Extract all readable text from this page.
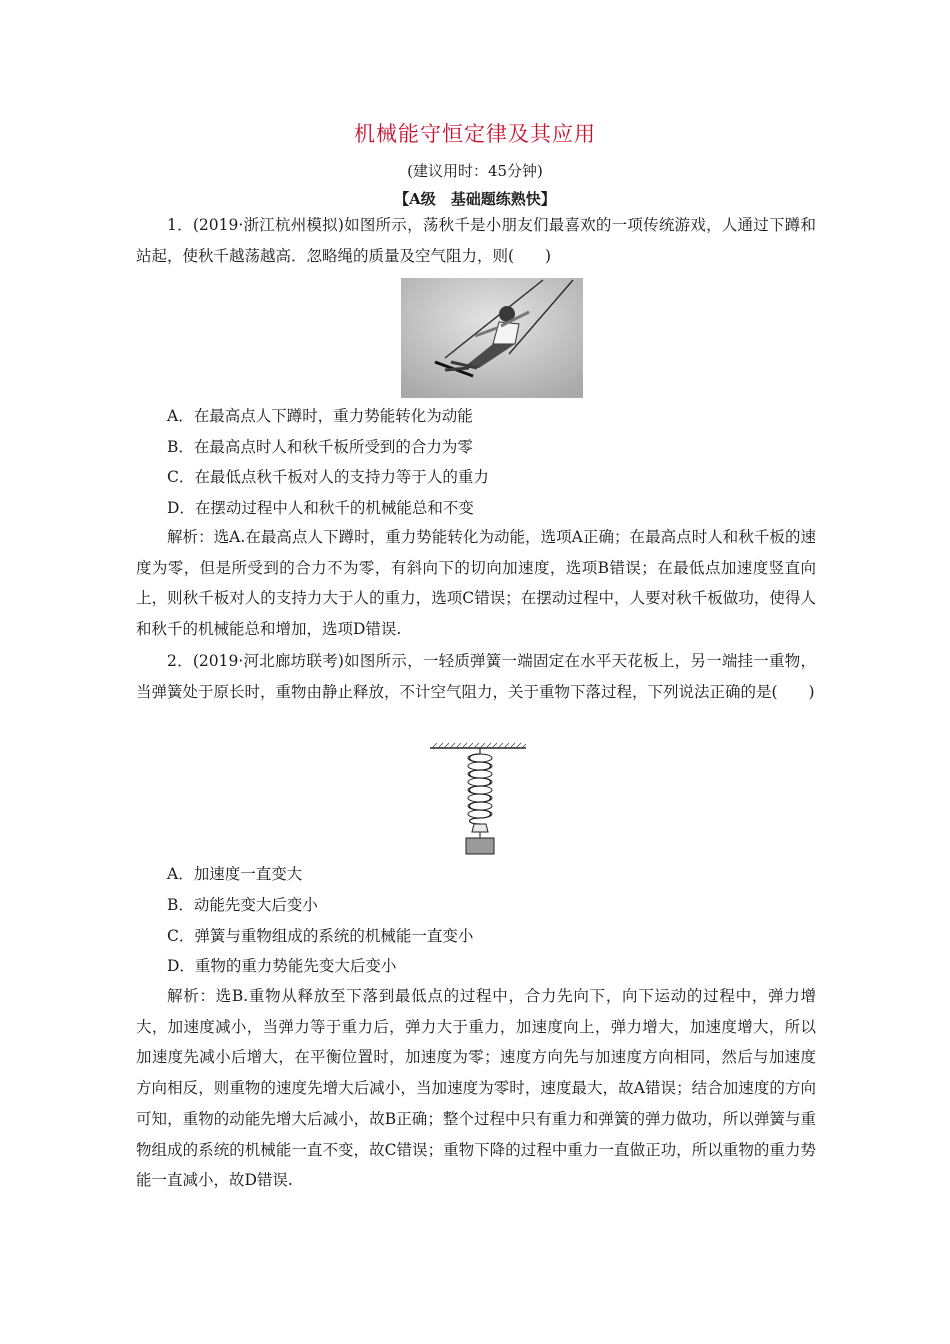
机械能守恒定律及其应用
(建议用时：45分钟)
【A级　基础题练熟快】

1．(2019·浙江杭州模拟)如图所示，荡秋千是小朋友们最喜欢的一项传统游戏，人通过下蹲和站起，使秋千越荡越高．忽略绳的质量及空气阻力，则(　　)

A．在最高点人下蹲时，重力势能转化为动能
B．在最高点时人和秋千板所受到的合力为零
C．在最低点秋千板对人的支持力等于人的重力
D．在摆动过程中人和秋千的机械能总和不变

解析：选A.在最高点人下蹲时，重力势能转化为动能，选项A正确；在最高点时人和秋千板的速度为零，但是所受到的合力不为零，有斜向下的切向加速度，选项B错误；在最低点加速度竖直向上，则秋千板对人的支持力大于人的重力，选项C错误；在摆动过程中，人要对秋千板做功，使得人和秋千的机械能总和增加，选项D错误.

2．(2019·河北廊坊联考)如图所示，一轻质弹簧一端固定在水平天花板上，另一端挂一重物，当弹簧处于原长时，重物由静止释放，不计空气阻力，关于重物下落过程，下列说法正确的是(　　)

A．加速度一直变大
B．动能先变大后变小
C．弹簧与重物组成的系统的机械能一直变小
D．重物的重力势能先变大后变小

解析：选B.重物从释放至下落到最低点的过程中，合力先向下，向下运动的过程中，弹力增大，加速度减小，当弹力等于重力后，弹力大于重力，加速度向上，弹力增大，加速度增大，所以加速度先减小后增大，在平衡位置时，加速度为零；速度方向先与加速度方向相同，然后与加速度方向相反，则重物的速度先增大后减小，当加速度为零时，速度最大，故A错误；结合加速度的方向可知，重物的动能先增大后减小，故B正确；整个过程中只有重力和弹簧的弹力做功，所以弹簧与重物组成的系统的机械能一直不变，故C错误；重物下降的过程中重力一直做正功，所以重物的重力势能一直减小，故D错误.
